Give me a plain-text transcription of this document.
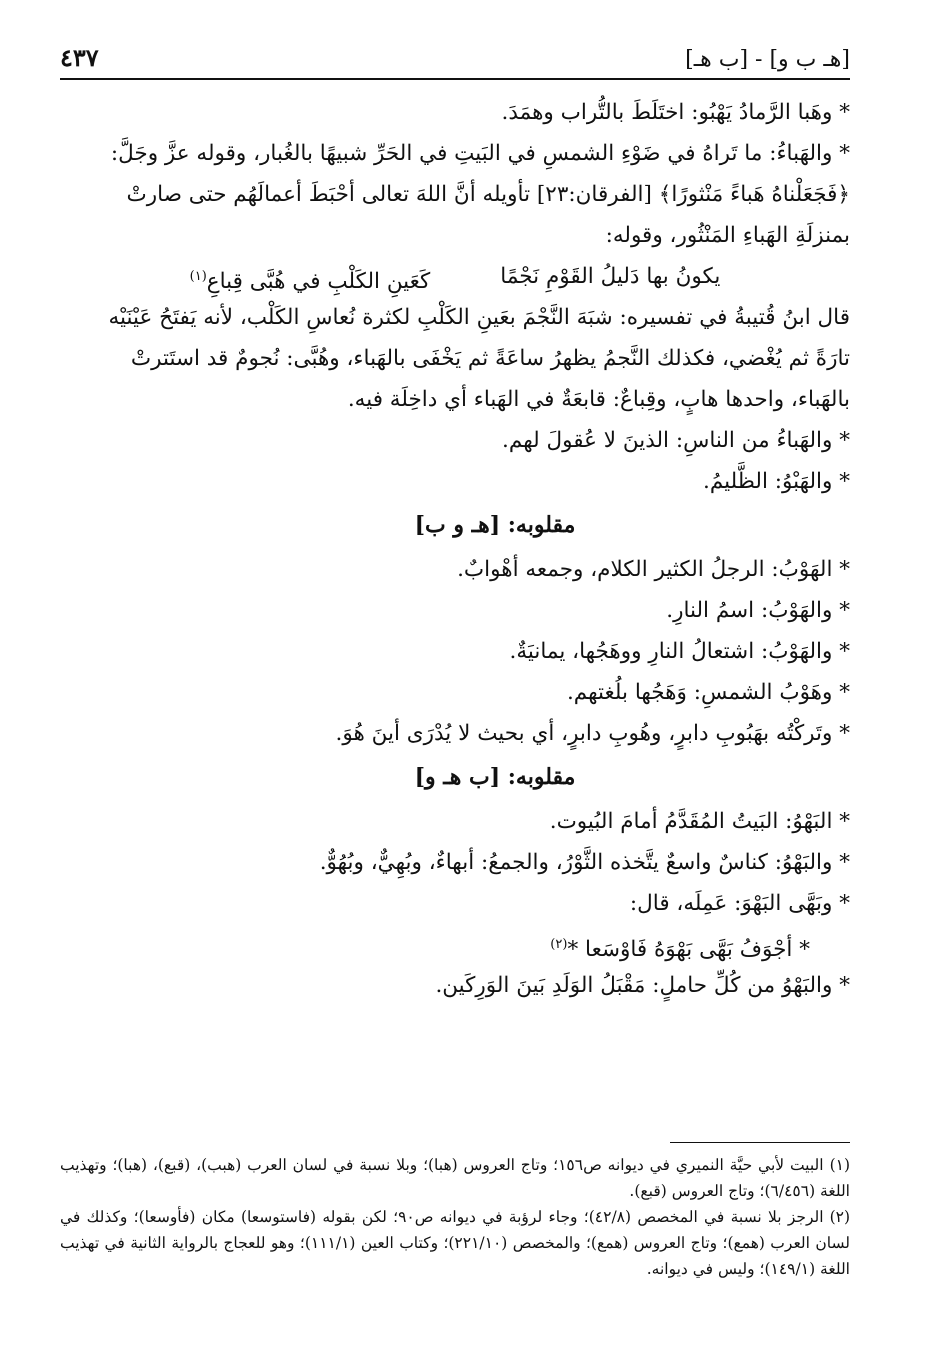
[هـ ب و] - [ب هـ]
٤٣٧
* وهَبا الرَّمادُ يَهْبُو: اختَلَطَ بالتُّراب وهمَدَ.
* والهَباءُ: ما تَراهُ في ضَوْءِ الشمسِ في البَيتِ في الحَرِّ شبيهًا بالغُبار، وقوله عزَّ وجَلَّ:
﴿فَجَعَلْناهُ هَباءً مَنْثورًا﴾ [الفرقان:٢٣] تأويله أنَّ اللهَ تعالى أحْبَطَ أعمالَهُم حتى صارتْ
بمنزلَةِ الهَباءِ المَنْثُور، وقوله:
يكونُ بها دَليلُ القَوْمِ نَجْمًا
كَعَينِ الكَلْبِ في هُبَّى قِباعِ$^{(١)}$
قال ابنُ قُتيبةُ في تفسيره: شبَهَ النَّجْمَ بعَينِ الكَلْبِ لكثرة نُعاسِ الكَلْب، لأنه يَفتَحُ عَيْنَيْه
تارَةً ثم يُغْضي، فكذلك النَّجمُ يظهرُ ساعَةً ثم يَخْفَى بالهَباء، وهُبَّى: نُجومٌ قد استَترتْ
بالهَباء، واحدها هابٍ، وقِباعٌ: قابعَةٌ في الهَباء أي داخِلَة فيه.
* والهَباءُ من الناسِ: الذينَ لا عُقولَ لهم.
* والهَبْوُ: الظَّليمُ.
مقلوبه: [هـ و ب]
* الهَوْبُ: الرجلُ الكثير الكلام، وجمعه أهْوابٌ.
* والهَوْبُ: اسمُ النارِ.
* والهَوْبُ: اشتعالُ النارِ ووهَجُها، يمانيَةٌ.
* وهَوْبُ الشمسِ: وَهَجُها بلُغتهم.
* وتَركْتُه بهَبُوبِ دابرٍ، وهُوبِ دابرٍ، أي بحيث لا يُدْرَى أينَ هُوَ.
مقلوبه: [ب هـ و]
* البَهْوُ: البَيتُ المُقَدَّمُ أمامَ البُيوت.
* والبَهْوُ: كناسٌ واسعٌ يتَّخذه الثَّوْرُ، والجمعُ: أبهاءٌ، وبُهِيٌّ، وبُهُوٌّ.
* وبَهَّى البَهْوَ: عَمِلَه، قال:
* أجْوَفُ بَهَّى بَهْوَهُ فَاوْسَعا *$^{(٢)}$
* والبَهْوُ من كُلِّ حاملٍ: مَقْبَلُ الوَلَدِ بَينَ الوَرِكَين.
(١)البيت لأبي حيَّة النميري في ديوانه ص١٥٦؛ وتاج العروس (هبا)؛ وبلا نسبة في لسان العرب (هبب)، (قبع)، (هبا)؛ وتهذيب اللغة (٦/٤٥٦)؛ وتاج العروس (قبع).
(٢)الرجز بلا نسبة في المخصص (٤٢/٨)؛ وجاء لرؤبة في ديوانه ص٩٠؛ لكن بقوله (فاستوسعا) مكان (فأوسعا)؛ وكذلك في لسان العرب (همع)؛ وتاج العروس (همع)؛ والمخصص (٢٢١/١٠)؛ وكتاب العين (١١١/١)؛ وهو للعجاج بالرواية الثانية في تهذيب اللغة (١٤٩/١)؛ وليس في ديوانه.
